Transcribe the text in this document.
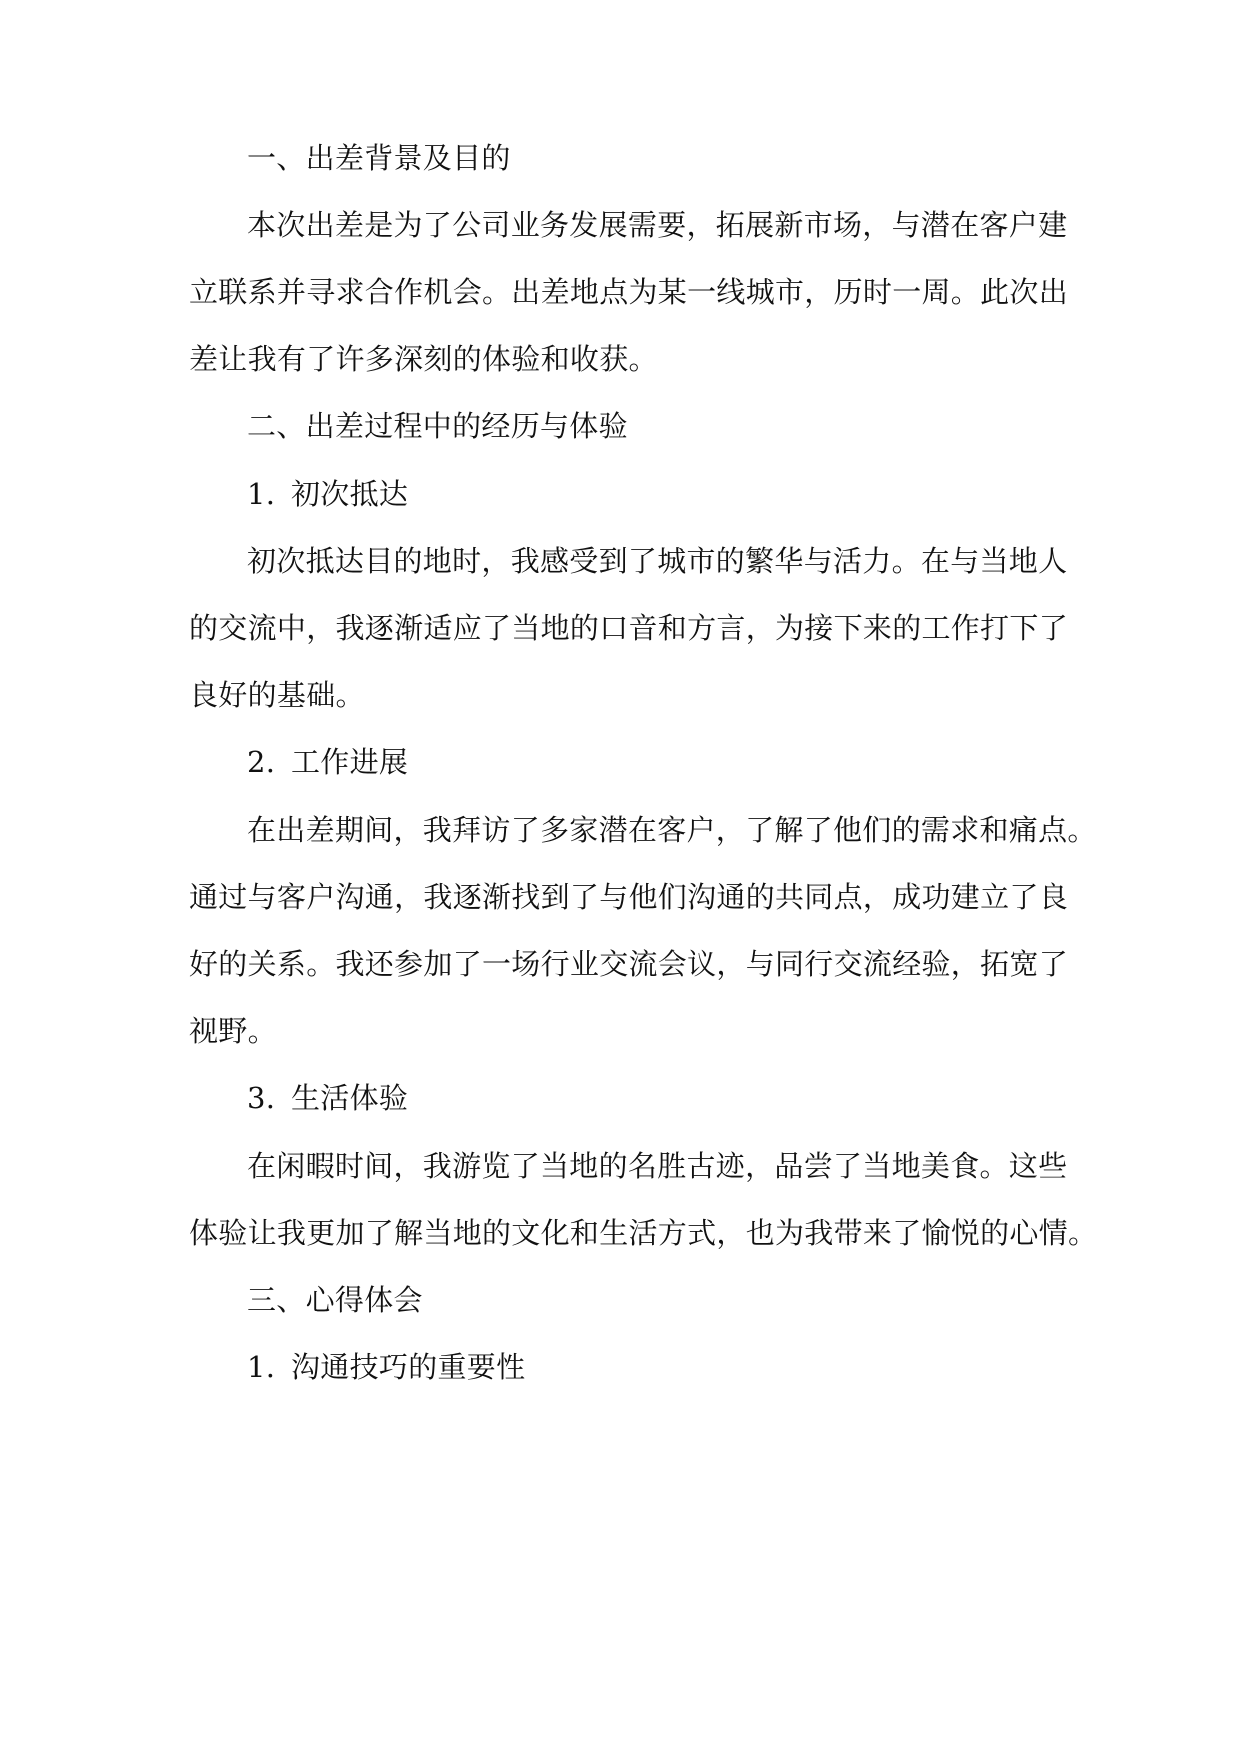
一、出差背景及目的
本次出差是为了公司业务发展需要，拓展新市场，与潜在客户建
立联系并寻求合作机会。出差地点为某一线城市，历时一周。此次出
差让我有了许多深刻的体验和收获。
二、出差过程中的经历与体验
1. 初次抵达
初次抵达目的地时，我感受到了城市的繁华与活力。在与当地人
的交流中，我逐渐适应了当地的口音和方言，为接下来的工作打下了
良好的基础。
2. 工作进展
在出差期间，我拜访了多家潜在客户，了解了他们的需求和痛点。
通过与客户沟通，我逐渐找到了与他们沟通的共同点，成功建立了良
好的关系。我还参加了一场行业交流会议，与同行交流经验，拓宽了
视野。
3. 生活体验
在闲暇时间，我游览了当地的名胜古迹，品尝了当地美食。这些
体验让我更加了解当地的文化和生活方式，也为我带来了愉悦的心情。
三、心得体会
1. 沟通技巧的重要性
